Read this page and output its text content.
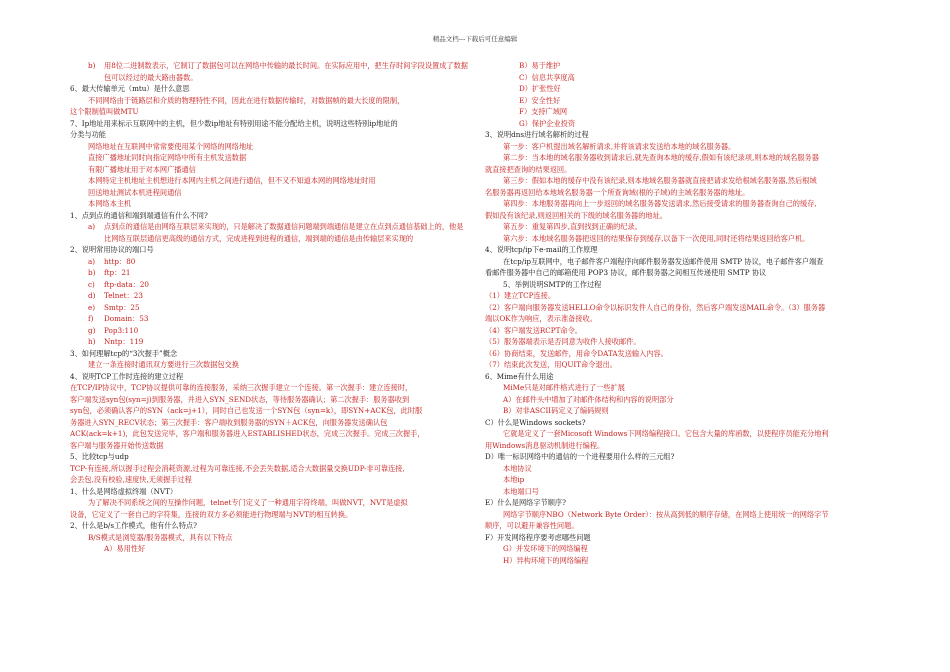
精品文档---下载后可任意编辑
b)	用8位二进制数表示，它制订了数据包可以在网络中传输的最长时间。在实际应用中，把生存时间字段设置成了数据包可以经过的最大路由器数。
6、最大传输单元（mtu）是什么意思
不同网络由于链路层和介质的物理特性不同，因此在进行数据传输时，对数据帧的最大长度的限制，
这个限制值叫做MTU
7、Ip地址用来标示互联网中的主机，但少数ip地址有特别用途不能分配给主机，说明这些特别ip地址的
分类与功能
网络地址在互联网中常常要使用某个网络的网络地址
直接广播地址同时向指定网络中所有主机发送数据
有限广播地址用于对本网广播通信
本网特定主机地址主机想进行本网内主机之间进行通信，但不又不知道本网的网络地址时用
回送地址测试本机进程间通信
本网络本主机
1、点到点的通信和端到端通信有什么不同?
a)	点到点的通信是由网络互联层来实现的，只是解决了数据通信问题端到端通信是建立在点到点通信基础上的，他是比网络互联层通信更高级的通信方式，完成进程到进程的通信，端到端的通信是由传输层来实现的
2、说明常用协议的端口号
a)	http：80
b)	ftp：21
c)	ftp-data：20
d)	Telnet：23
e)	Smtp：25
f)	Domain：53
g)	Pop3:110
h)	Nntp：119
3、如何理解tcp的“3次握手”概念
建立一条连接时通讯双方要进行三次数据包交换
4、说明TCP工作时连接的建立过程
在TCP/IP协议中，TCP协议提供可靠的连接服务，采纳三次握手建立一个连接。第一次握手：建立连接时，
客户端发送syn包(syn=j)到服务器，并进入SYN_SEND状态，等待服务器确认；第二次握手：服务器收到
syn包，必须确认客户的SYN（ack=j+1），同时自己也发送一个SYN包（syn=k），即SYN+ACK包，此时服
务器进入SYN_RECV状态；第三次握手：客户端收到服务器的SYN＋ACK包，向服务器发送确认包
ACK(ack=k+1)，此包发送完毕，客户端和服务器进入ESTABLISHED状态，完成三次握手。完成三次握手，
客户端与服务器开始传送数据
5、比较tcp与udp
TCP-有连接,所以握手过程会消耗资源,过程为可靠连接,不会丢失数据,适合大数据量交换UDP-非可靠连接,
会丢包,没有校验,速度快,无须握手过程
1、什么是网络虚拟终端（NVT）
为了解决不同系统之间的互操作问题，telnet专门定义了一种通用字符终端，叫做NVT，NVT是虚拟
设备，它定义了一套自己的字符集，连接的双方多必须能进行物理端与NVT的相互转换。
2、什么是b/s工作模式，他有什么特点?
B/S模式是浏览器/服务器模式，具有以下特点
A）易用性好
B）易于维护
C）信息共享度高
D）扩张性好
E）安全性好
F）支持广域网
G）保护企业投资
3、说明dns进行域名解析的过程
第一步：客户机提出域名解析请求,并将该请求发送给本地的域名服务器。
第二步：当本地的域名服务器收到请求后,就先查询本地的缓存,假如有该纪录项,则本地的域名服务器
就直接把查询的结果返回。
第三步：假如本地的缓存中没有该纪录,则本地域名服务器就直接把请求发给根域名服务器,然后根域
名服务器再返回给本地域名服务器一个所查询域(根的子域)的主域名服务器的地址。
第四步：本地服务器再向上一步返回的域名服务器发送请求,然后接受请求的服务器查询自己的缓存,
假如没有该纪录,则返回相关的下级的域名服务器的地址。
第五步：重复第四步,直到找到正确的纪录。
第六步：本地域名服务器把返回的结果保存到缓存,以备下一次使用,同时还将结果返回给客户机。
4、说明tcp/ip下e-mail的工作原理
在tcp/ip互联网中，电子邮件客户端程序向邮件服务器发送邮件使用 SMTP 协议，电子邮件客户端查
看邮件服务器中自己的邮箱使用 POP3 协议，邮件服务器之间相互传递使用 SMTP 协议
5、举例说明SMTP的工作过程
（1）建立TCP连接。
（2）客户端向服务器发送HELLO命令以标识发件人自己的身份，然后客户端发送MAIL命令。（3）服务器
端以OK作为响应，表示准备接收。
（4）客户端发送RCPT命令。
（5）服务器端表示是否同意为收件人接收邮件。
（6）协商结束，发送邮件，用命令DATA发送输入内容。
（7）结束此次发送，用QUIT命令退出。
6、Mime有什么用途
MiMe只是对邮件格式进行了一些扩展
A）在邮件头中增加了对邮件体结构和内容的说明部分
B）对非ASCII码定义了编码规则
C）什么是Windows sockets?
它就是定义了一套Micosoft Windows下网络编程接口。它包含大量的库函数，以使程序员能充分地利
用Windows消息驱动机制进行编程。
D）唯一标识网络中的通信的一个进程要用什么样的三元组?
本地协议
本地ip
本地端口号
E）什么是网络字节顺序?
网络字节顺序NBO（Network Byte Order）：按从高到低的顺序存储，在网络上使用统一的网络字节
顺序，可以避开兼容性问题。
F）开发网络程序要考虑哪些问题
G）并发环境下的网络编程
H）异构环境下的网络编程
